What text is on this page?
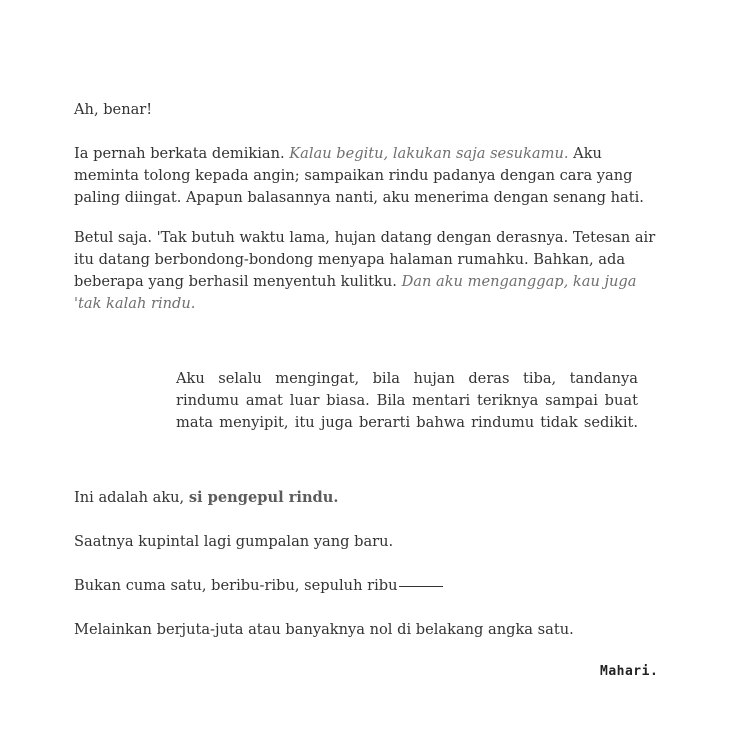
Ah, benar!

Ia pernah berkata demikian. Kalau begitu, lakukan saja sesukamu. Aku meminta tolong kepada angin; sampaikan rindu padanya dengan cara yang paling diingat. Apapun balasannya nanti, aku menerima dengan senang hati.

Betul saja. 'Tak butuh waktu lama, hujan datang dengan derasnya. Tetesan air itu datang berbondong-bondong menyapa halaman rumahku. Bahkan, ada beberapa yang berhasil menyentuh kulitku. Dan aku menganggap, kau juga 'tak kalah rindu.

Aku selalu mengingat, bila hujan deras tiba, tandanya rindumu amat luar biasa. Bila mentari teriknya sampai buat mata menyipit, itu juga berarti bahwa rindumu tidak sedikit.

Ini adalah aku, si pengepul rindu.

Saatnya kupintal lagi gumpalan yang baru.

Bukan cuma satu, beribu-ribu, sepuluh ribu

Melainkan berjuta-juta atau banyaknya nol di belakang angka satu.

Mahari.
